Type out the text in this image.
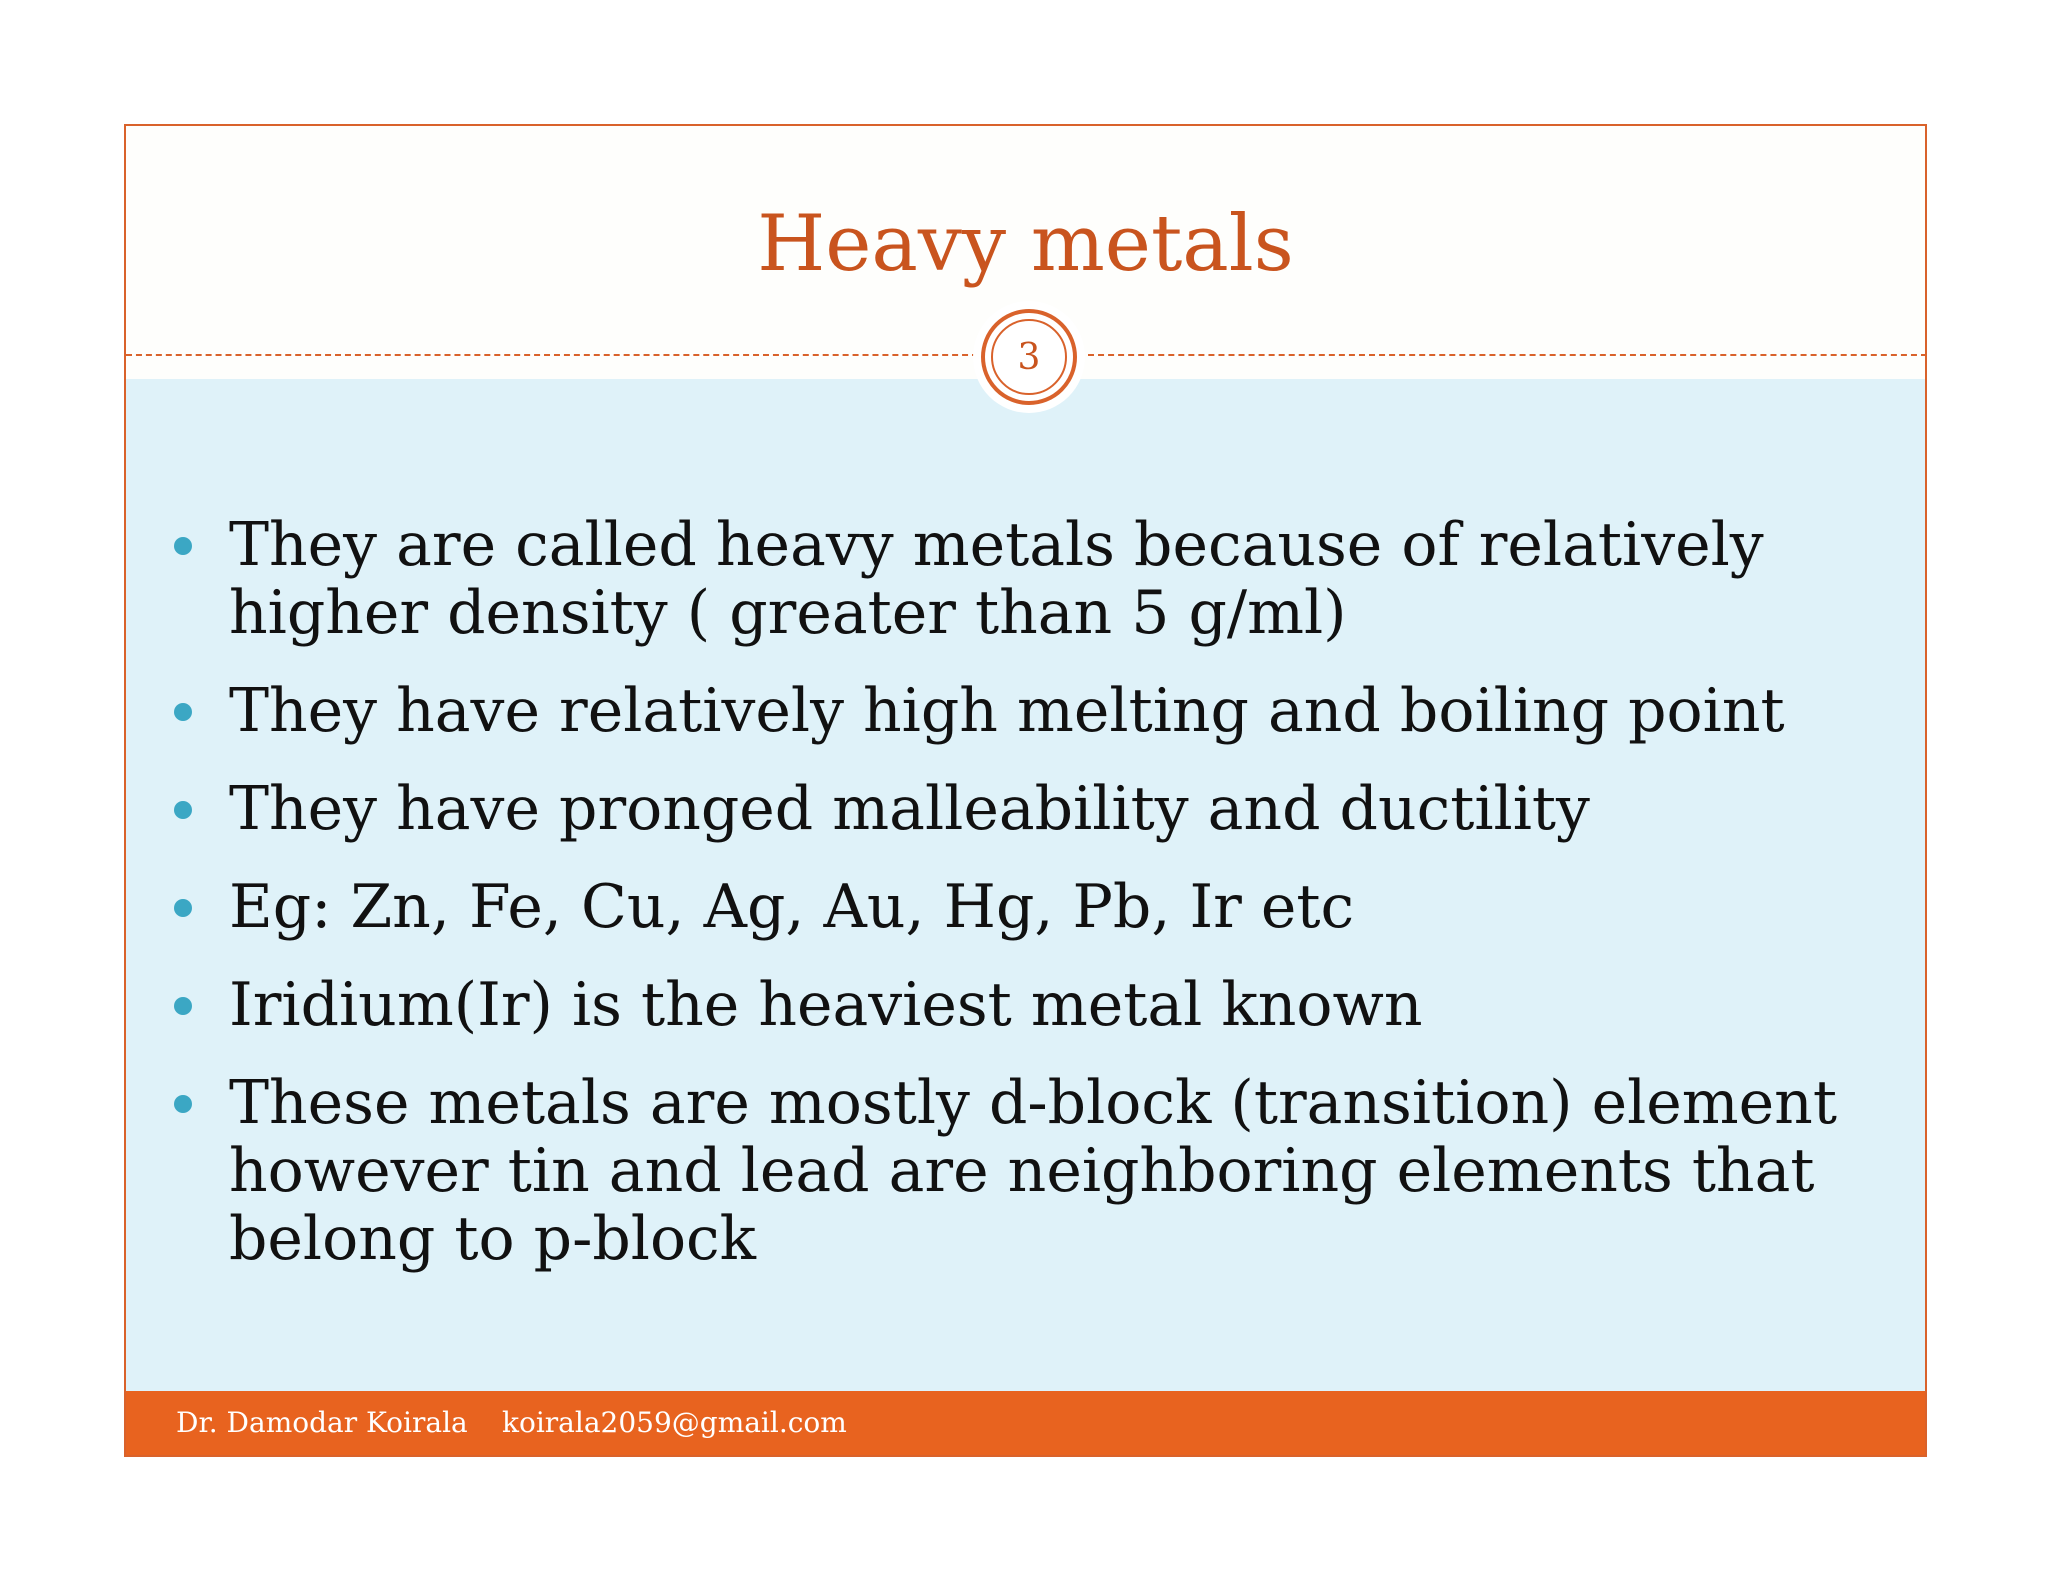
Heavy metals
3
They are called heavy metals because of relatively higher density ( greater than 5 g/ml)
They have relatively high melting and boiling point
They have pronged malleability and ductility
Eg: Zn, Fe, Cu, Ag, Au, Hg, Pb, Ir etc
Iridium(Ir) is the heaviest metal known
These metals are mostly d-block (transition) element however tin and lead are neighboring elements that belong to p-block
Dr. Damodar Koirala koirala2059@gmail.com
